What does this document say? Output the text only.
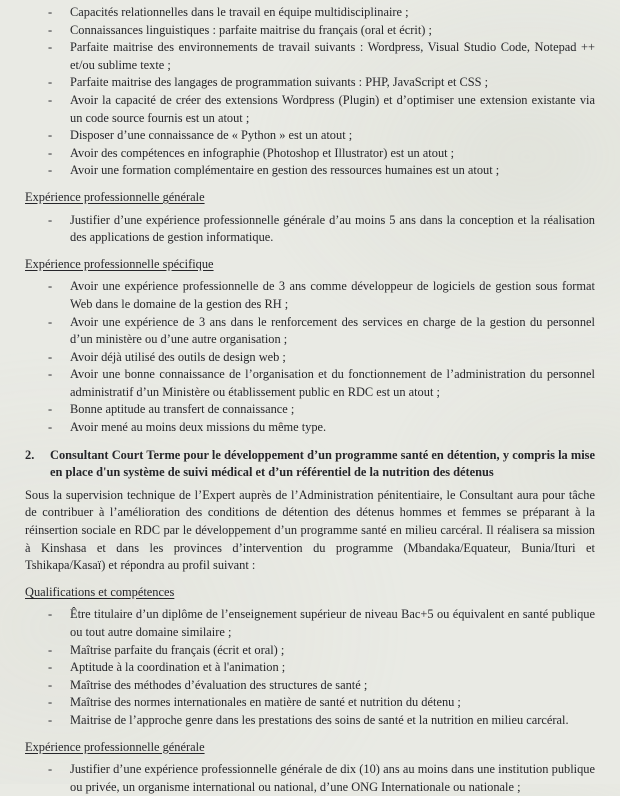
- Capacités relationnelles dans le travail en équipe multidisciplinaire ;
- Connaissances linguistiques : parfaite maitrise du français (oral et écrit) ;
- Parfaite maitrise des environnements de travail suivants : Wordpress, Visual Studio Code, Notepad ++ et/ou sublime texte ;
- Parfaite maitrise des langages de programmation suivants : PHP, JavaScript et CSS ;
- Avoir la capacité de créer des extensions Wordpress (Plugin) et d’optimiser une extension existante via un code source fournis est un atout ;
- Disposer d’une connaissance de « Python » est un atout ;
- Avoir des compétences en infographie (Photoshop et Illustrator) est un atout ;
- Avoir une formation complémentaire en gestion des ressources humaines est un atout ;
Expérience professionnelle générale
- Justifier d’une expérience professionnelle générale d’au moins 5 ans dans la conception et la réalisation des applications de gestion informatique.
Expérience professionnelle spécifique
- Avoir une expérience professionnelle de 3 ans comme développeur de logiciels de gestion sous format Web dans le domaine de la gestion des RH ;
- Avoir une expérience de 3 ans dans le renforcement des services en charge de la gestion du personnel d’un ministère ou d’une autre organisation ;
- Avoir déjà utilisé des outils de design web ;
- Avoir une bonne connaissance de l’organisation et du fonctionnement de l’administration du personnel administratif d’un Ministère ou établissement public en RDC est un atout ;
- Bonne aptitude au transfert de connaissance ;
- Avoir mené au moins deux missions du même type.
2.	Consultant Court Terme pour le développement d’un programme santé en détention, y compris la mise en place d'un système de suivi médical et d’un référentiel de la nutrition des détenus

Sous la supervision technique de l’Expert auprès de l’Administration pénitentiaire, le Consultant aura pour tâche de contribuer à l’amélioration des conditions de détention des détenus hommes et femmes se préparant à la réinsertion sociale en RDC par le développement d’un programme santé en milieu carcéral. Il réalisera sa mission à Kinshasa et dans les provinces d’intervention du programme (Mbandaka/Equateur, Bunia/Ituri et Tshikapa/Kasaï) et répondra au profil suivant :

Qualifications et compétences
- Être titulaire d’un diplôme de l’enseignement supérieur de niveau Bac+5 ou équivalent en santé publique ou tout autre domaine similaire ;
- Maîtrise parfaite du français (écrit et oral) ;
- Aptitude à la coordination et à l'animation ;
- Maîtrise des méthodes d’évaluation des structures de santé ;
- Maîtrise des normes internationales en matière de santé et nutrition du détenu ;
- Maitrise de l’approche genre dans les prestations des soins de santé et la nutrition en milieu carcéral.
Expérience professionnelle générale
- Justifier d’une expérience professionnelle générale de dix (10) ans au moins dans une institution publique ou privée, un organisme international ou national, d’une ONG Internationale ou nationale ;
